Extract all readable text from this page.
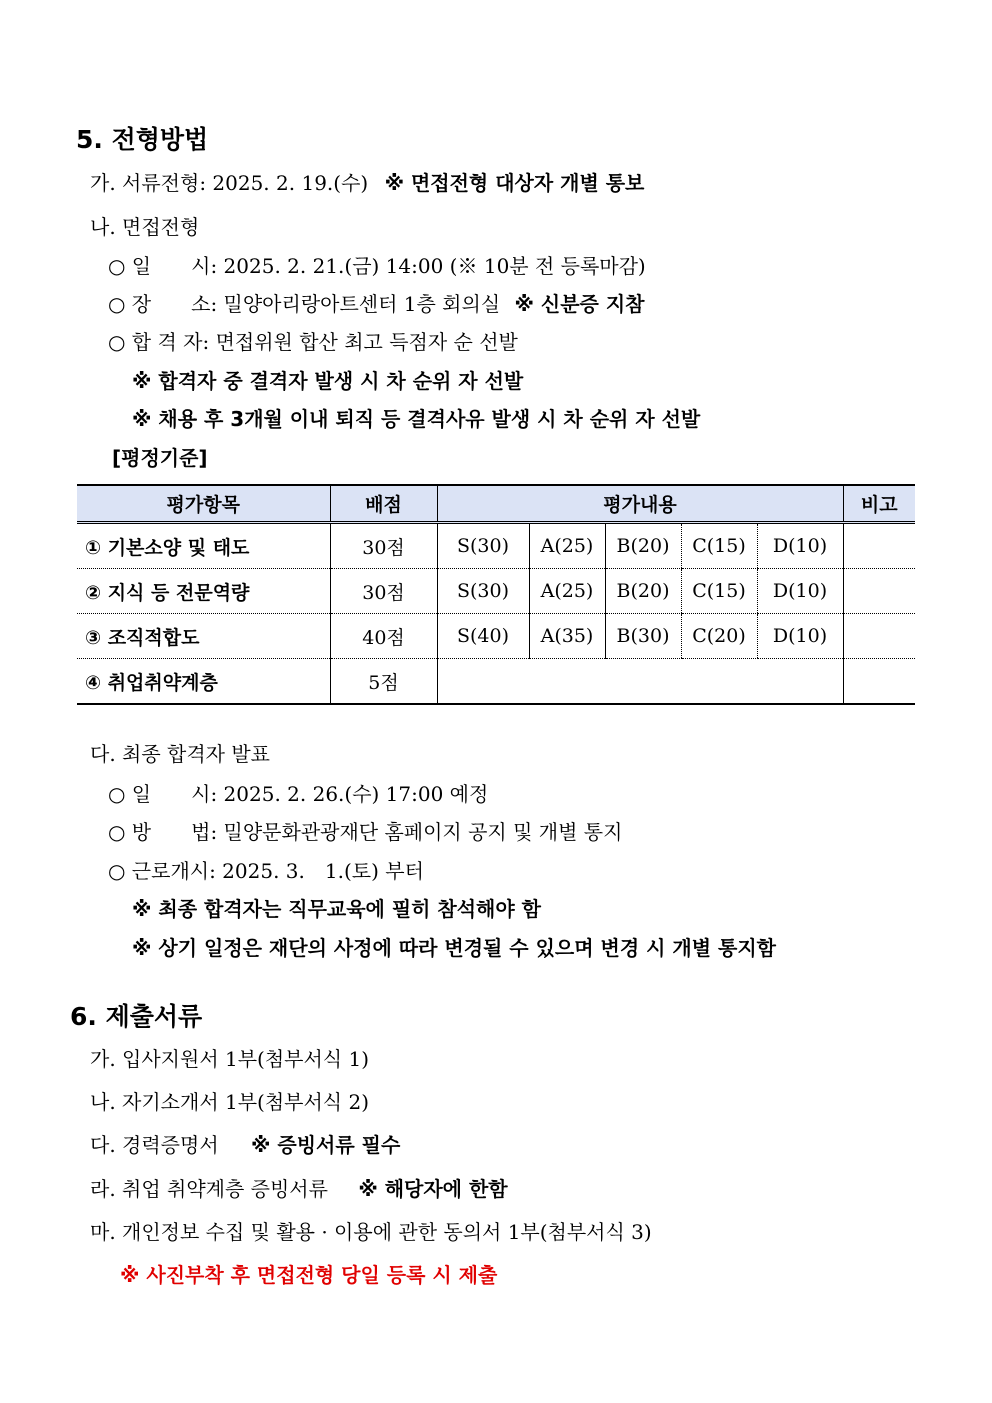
5. 전형방법
가. 서류전형: 2025. 2. 19.(수) ※ 면접전형 대상자 개별 통보
나. 면접전형
○ 일　　시: 2025. 2. 21.(금) 14:00 (※ 10분 전 등록마감)
○ 장　　소: 밀양아리랑아트센터 1층 회의실 ※ 신분증 지참
○ 합 격 자: 면접위원 합산 최고 득점자 순 선발
※ 합격자 중 결격자 발생 시 차 순위 자 선발
※ 채용 후 3개월 이내 퇴직 등 결격사유 발생 시 차 순위 자 선발
[평정기준]
평가항목	배점	평가내용					비고
① 기본소양 및 태도	30점	S(30)	A(25)	B(20)	C(15)	D(10)	
② 지식 등 전문역량	30점	S(30)	A(25)	B(20)	C(15)	D(10)	
③ 조직적합도	40점	S(40)	A(35)	B(30)	C(20)	D(10)	
④ 취업취약계층	5점						
다. 최종 합격자 발표
○ 일　　시: 2025. 2. 26.(수) 17:00 예정
○ 방　　법: 밀양문화관광재단 홈페이지 공지 및 개별 통지
○ 근로개시: 2025. 3.　1.(토) 부터
※ 최종 합격자는 직무교육에 필히 참석해야 함
※ 상기 일정은 재단의 사정에 따라 변경될 수 있으며 변경 시 개별 통지함
6. 제출서류
가. 입사지원서 1부(첨부서식 1)
나. 자기소개서 1부(첨부서식 2)
다. 경력증명서 ※ 증빙서류 필수
라. 취업 취약계층 증빙서류 ※ 해당자에 한함
마. 개인정보 수집 및 활용 · 이용에 관한 동의서 1부(첨부서식 3)
※ 사진부착 후 면접전형 당일 등록 시 제출
